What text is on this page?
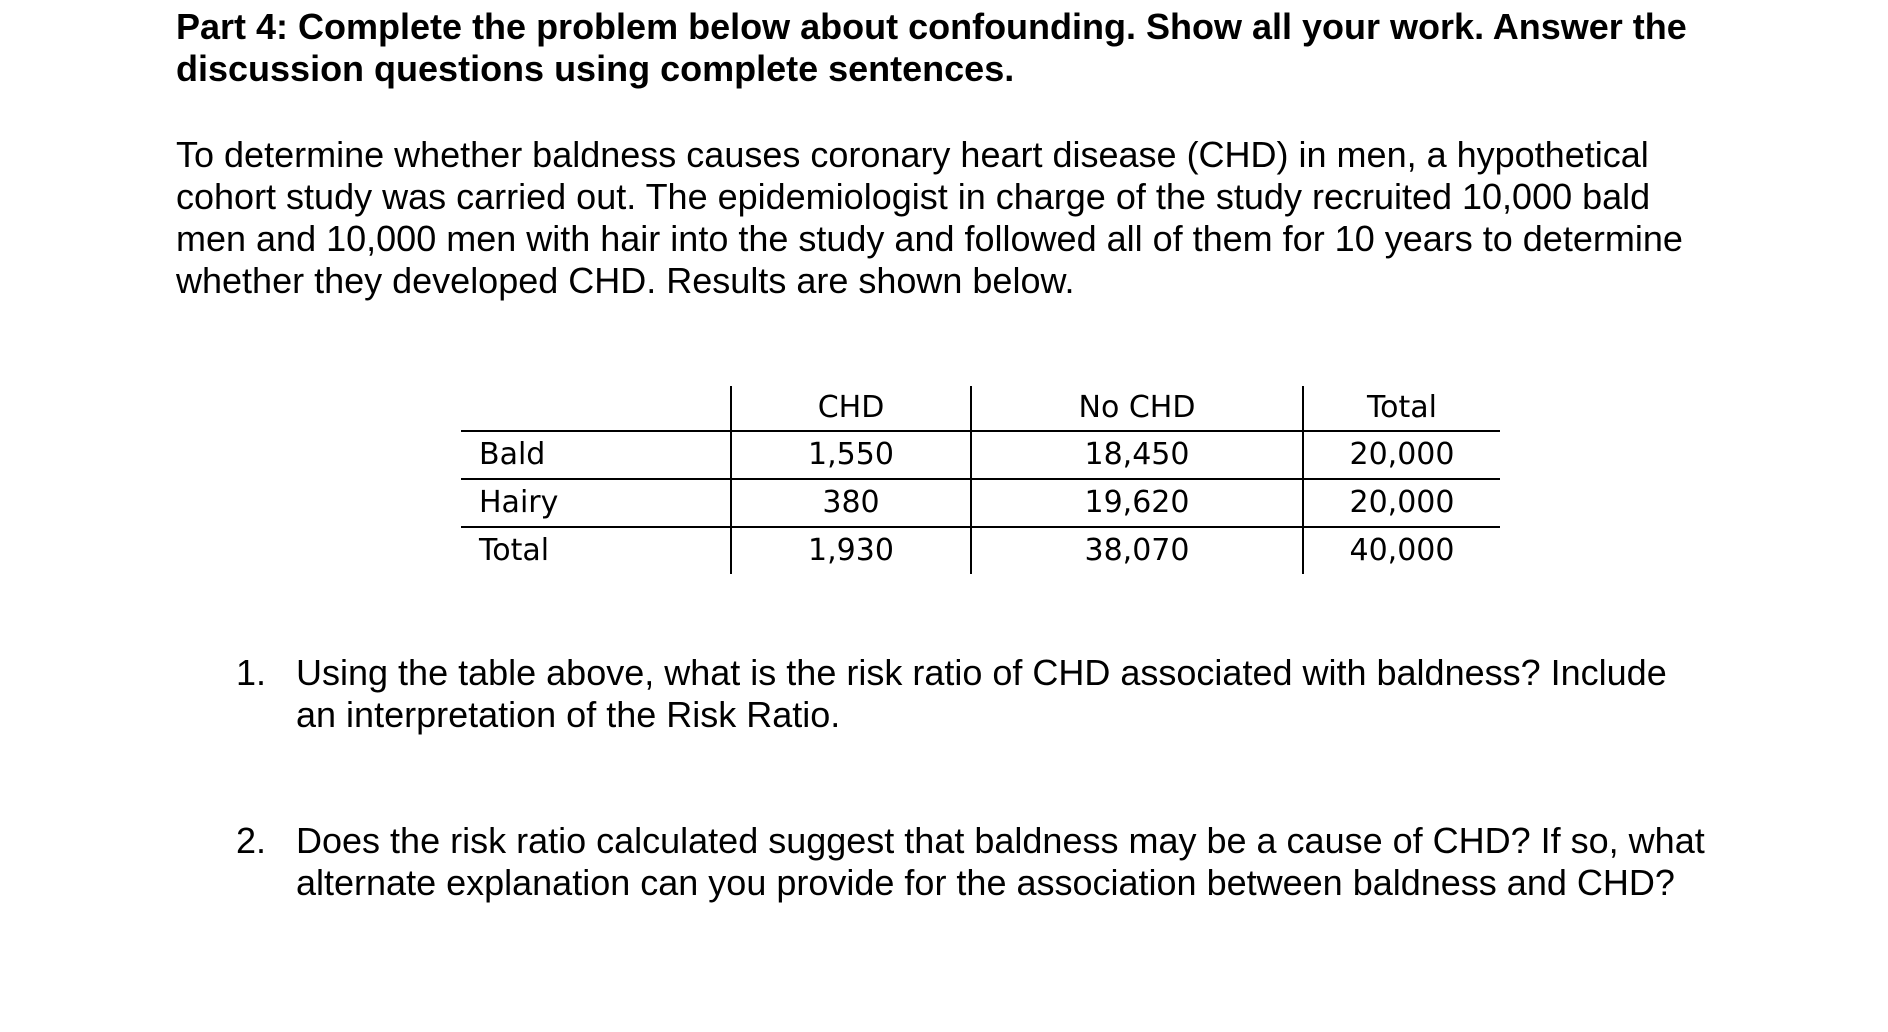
Part 4: Complete the problem below about confounding. Show all your work. Answer the
discussion questions using complete sentences.
To determine whether baldness causes coronary heart disease (CHD) in men, a hypothetical
cohort study was carried out. The epidemiologist in charge of the study recruited 10,000 bald
men and 10,000 men with hair into the study and followed all of them for 10 years to determine
whether they developed CHD. Results are shown below.
	CHD	No CHD	Total
Bald	1,550	18,450	20,000
Hairy	380	19,620	20,000
Total	1,930	38,070	40,000
1. Using the table above, what is the risk ratio of CHD associated with baldness? Include
an interpretation of the Risk Ratio.
2. Does the risk ratio calculated suggest that baldness may be a cause of CHD? If so, what
alternate explanation can you provide for the association between baldness and CHD?
